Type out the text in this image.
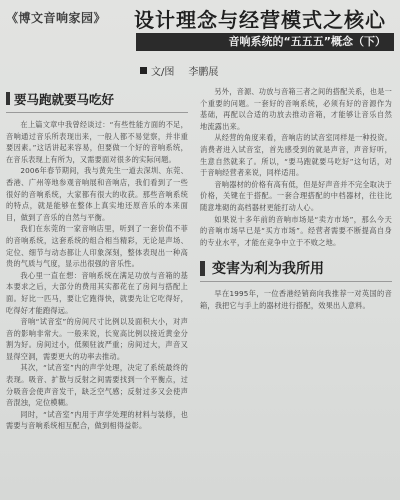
《博文音响家园》 设计理念与经营模式之核心
音响系统的“五五五”概念（下）
文/图 李鹏展
要马跑就要马吃好

在上篇文章中我曾经谈过：“有些性能方面的不足，音响通过音乐所表现出来，一般人都不易觉察，并非重要因素。”这话讲起来容易，但要做一个好的音响系统，在音乐表现上有所为，又需要面对很多的实际问题。

2006年春节期间，我与黄先生一道去深圳、东莞、香港、广州等地参观音响展和音响店，我们看到了一些很好的音响系统，大家都有很大的收获。那些音响系统的特点，就是能够在整体上真实地还原音乐的本来面目，做到了音乐的自然与平衡。

我们在东莞的一家音响店里，听到了一套价值不菲的音响系统，这套系统的组合相当精彩，无论是声场、定位、细节与动态都让人印象深刻，整体表现出一种高贵的气质与气度，显示出很强的音乐性。

我心里一直在想：音响系统在满足功放与音箱的基本要求之后，大部分的费用其实都花在了房间与搭配上面。好比一匹马，要让它跑得快，就要先让它吃得好，吃得好才能跑得远。

音响“试音室”的房间尺寸比例以及面积大小，对声音的影响非常大。一般来说，长宽高比例以接近黄金分割为好。房间过小，低频驻波严重；房间过大，声音又显得空洞，需要更大的功率去推动。

其次，“试音室”内的声学处理，决定了系统最终的表现。吸音、扩散与反射之间需要找到一个平衡点，过分吸音会使声音发干，缺乏空气感；反射过多又会使声音混浊，定位模糊。

同时，“试音室”内用于声学处理的材料与装修，也需要与音响系统相互配合，做到相得益彰。

另外，音源、功放与音箱三者之间的搭配关系，也是一个重要的问题。一套好的音响系统，必须有好的音源作为基础，再配以合适的功放去推动音箱，才能够让音乐自然地流露出来。

从经营的角度来看，音响店的试音室同样是一种投资。消费者进入试音室，首先感受到的就是声音，声音好听，生意自然就来了。所以，“要马跑就要马吃好”这句话，对于音响经营者来说，同样适用。

音响器材的价格有高有低，但是好声音并不完全取决于价格，关键在于搭配。一套合理搭配的中档器材，往往比随意堆砌的高档器材更能打动人心。

如果说十多年前的音响市场是“卖方市场”，那么今天的音响市场早已是“买方市场”。经营者需要不断提高自身的专业水平，才能在竞争中立于不败之地。

变害为利为我所用

早在1995年，一位香港经销商向我推荐一对英国的音箱，我把它与手上的器材进行搭配，效果出人意料。
